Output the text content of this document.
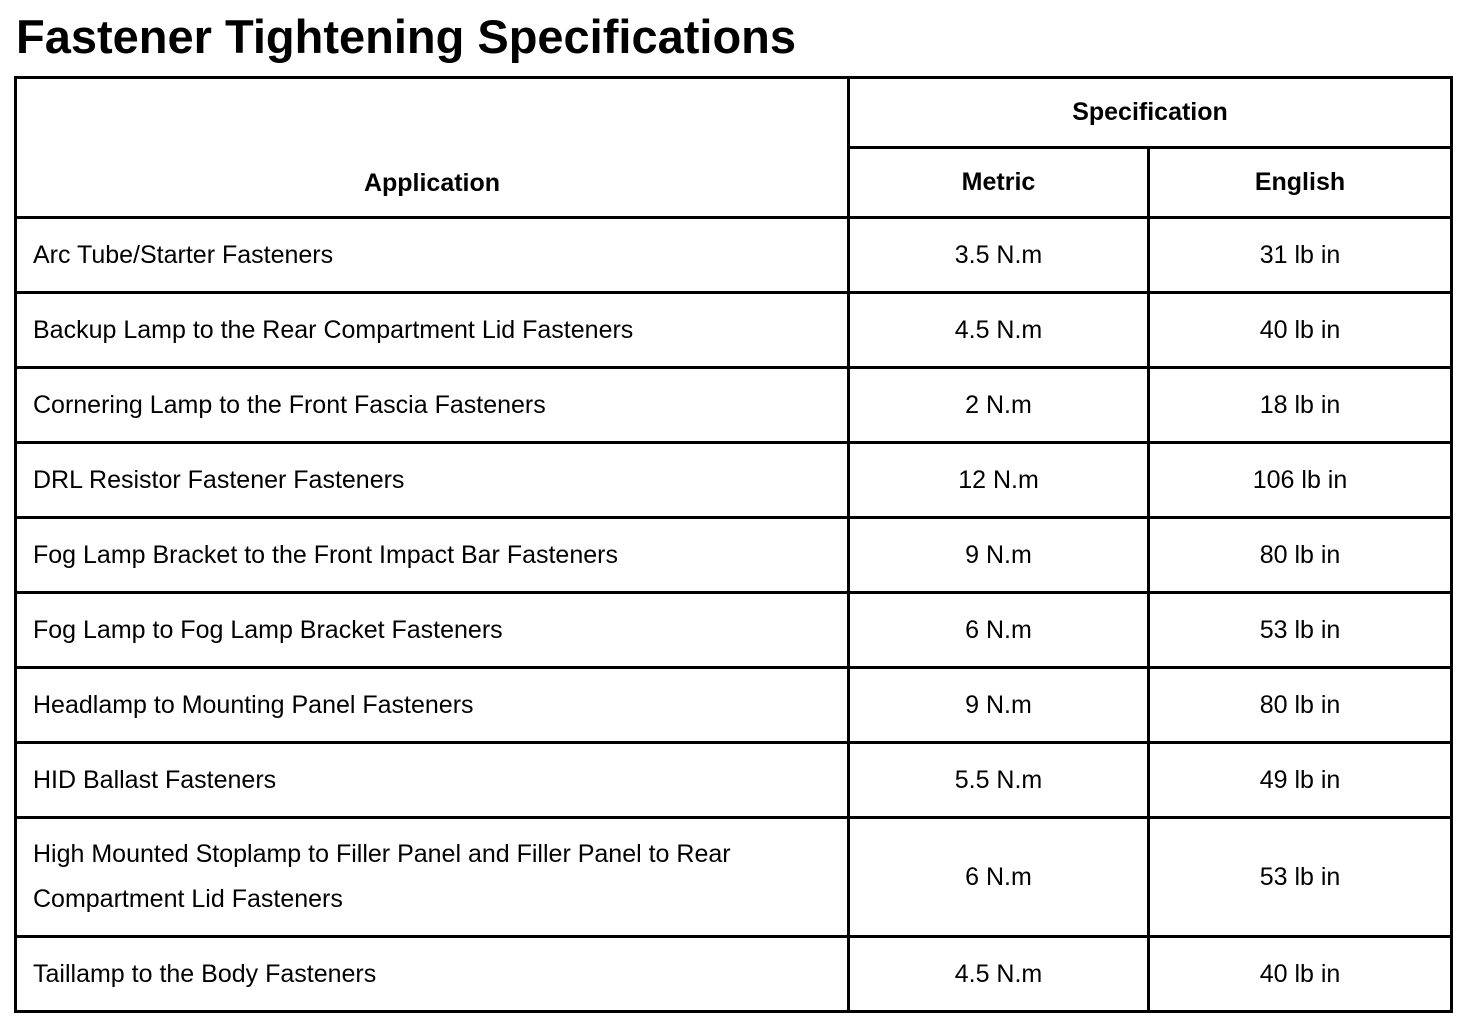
Fastener Tightening Specifications
Application	Specification	
	Metric	English
Arc Tube/Starter Fasteners	3.5 N.m	31 lb in
Backup Lamp to the Rear Compartment Lid Fasteners	4.5 N.m	40 lb in
Cornering Lamp to the Front Fascia Fasteners	2 N.m	18 lb in
DRL Resistor Fastener Fasteners	12 N.m	106 lb in
Fog Lamp Bracket to the Front Impact Bar Fasteners	9 N.m	80 lb in
Fog Lamp to Fog Lamp Bracket Fasteners	6 N.m	53 lb in
Headlamp to Mounting Panel Fasteners	9 N.m	80 lb in
HID Ballast Fasteners	5.5 N.m	49 lb in
High Mounted Stoplamp to Filler Panel and Filler Panel to Rear Compartment Lid Fasteners	6 N.m	53 lb in
Taillamp to the Body Fasteners	4.5 N.m	40 lb in
